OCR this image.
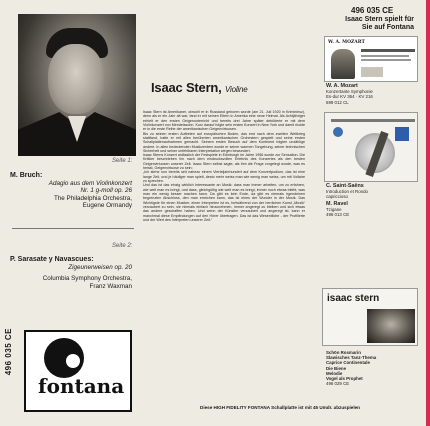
Seite 1:
M. Bruch:
Adagio aus dem Violinkonzert
Nr. 1 g-moll op. 26
The Philadelphia Orchestra,
Eugene Ormandy
Seite 2:
P. Sarasate y Navascues:
Zigeunerweisen op. 20
Columbia Symphony Orchestra,
Franz Waxman
496 035 CE
fontana
Isaac Stern, Violine

Isaac Stern ist Amerikaner, obwohl er in Russland geboren wurde (am 21. Juli 1920 in Kriminiesz), denn als er ein Jahr alt war, fand er mit seinen Eltern in Amerika eine neue Heimat. Als Achtjähriger erhielt er den ersten Geigenunterricht und bereits drei Jahre später debütierte er mit dem Violinkonzert von Mendelssohn. Kurz darauf folgte sein erstes Konzert in New York und damit rückte er in die erste Reihe der amerikanischen Geigenvirtuosen.

Bis zu seinen ersten Auftreten auf europäischen Boden, das erst nach dem zweiten Weltkrieg stattfand, hatte er mit allen berühmten amerikanischen Orchestern gespielt und seine ersten Schallplattenaufnahmen gemacht. Seinem ersten Besuch auf dem Kontinent folgten unzählige andere. In allen bedeutenden Musikzentren wurde er seiner warmen Tongebung, seiner technischen Sicherheit und seiner unfehlbaren Interpretation wegen bewundert.

Isaac Sterns Konzert anlässlich der Festspiele in Edinburgh im Jahre 1956 wurde zur Sensation. Die Kritiker beschrieben ihn nach dem eindrucksvollen Erlebnis des Konzertes als den besten Geigenvirtuosen unserer Zeit. Isaac Stern selbst sagte, als ihm die Frage vorgelegt wurde, was es heisst, Geigenvirtuose zu sein:

„Ich stehe nun bereits seit nahezu einem Vierteljahrhundert auf dem Konzertpodium, das ist eine lange Zeit, und je häufiger man spielt, desto mehr weiss man wie wenig man weiss, um mit Voltaire zu sprechen.

Und das ist das einzig wirklich Interessante an Musik: dass man immer arbeiten, um zu erfahren, wie weit man es bringt, und dass, gleichgültig wie weit man es bringt, immer noch etwas bleibt, was man ein wenig besser machen kann. Da gibt es kein Ende, da gibt es niemals irgendeinen begrenzten Abschluss, den man erreichen kann, das ist eines der Wunder in der Musik. Das Wichtigste für einen Musiker, einen Interpreten ist es, fortwährend von der herrlichen Kunst „Musik“ verzaubert zu sein, sie niemals einfach hinzunehmen, immer angeregt zu bleiben und sich etwas das andere geschaffen haben. Und wenn der Künstler verzaubert und angeregt ist, kann er manchmal diese Empfindungen auf den Hörer übertragen. Das ist das Wesentliche - der Profilierte und der Wert des Interpreten unserer Zeit.“

496 035 CE
Isaac Stern spielt für
Sie auf Fontana
W. A. MOZART
W. A. Mozart
Konzertante Symphonie
Es-dur KV 364 · KV 216
699 012 CL
C. Saint-Saëns
Introduction et Rondo
capriccioso
M. Ravel
Tzigane
496 013 CE
isaac stern
Schön Rosmarin
Slawisches Tanz-Thema
Caprice Continentale
Die Biene
Melodie
Vogel als Prophet
496 029 CE
Diese HIGH FIDELITY FONTANA Schallplatte ist mit 45 Umdr. abzuspielen
